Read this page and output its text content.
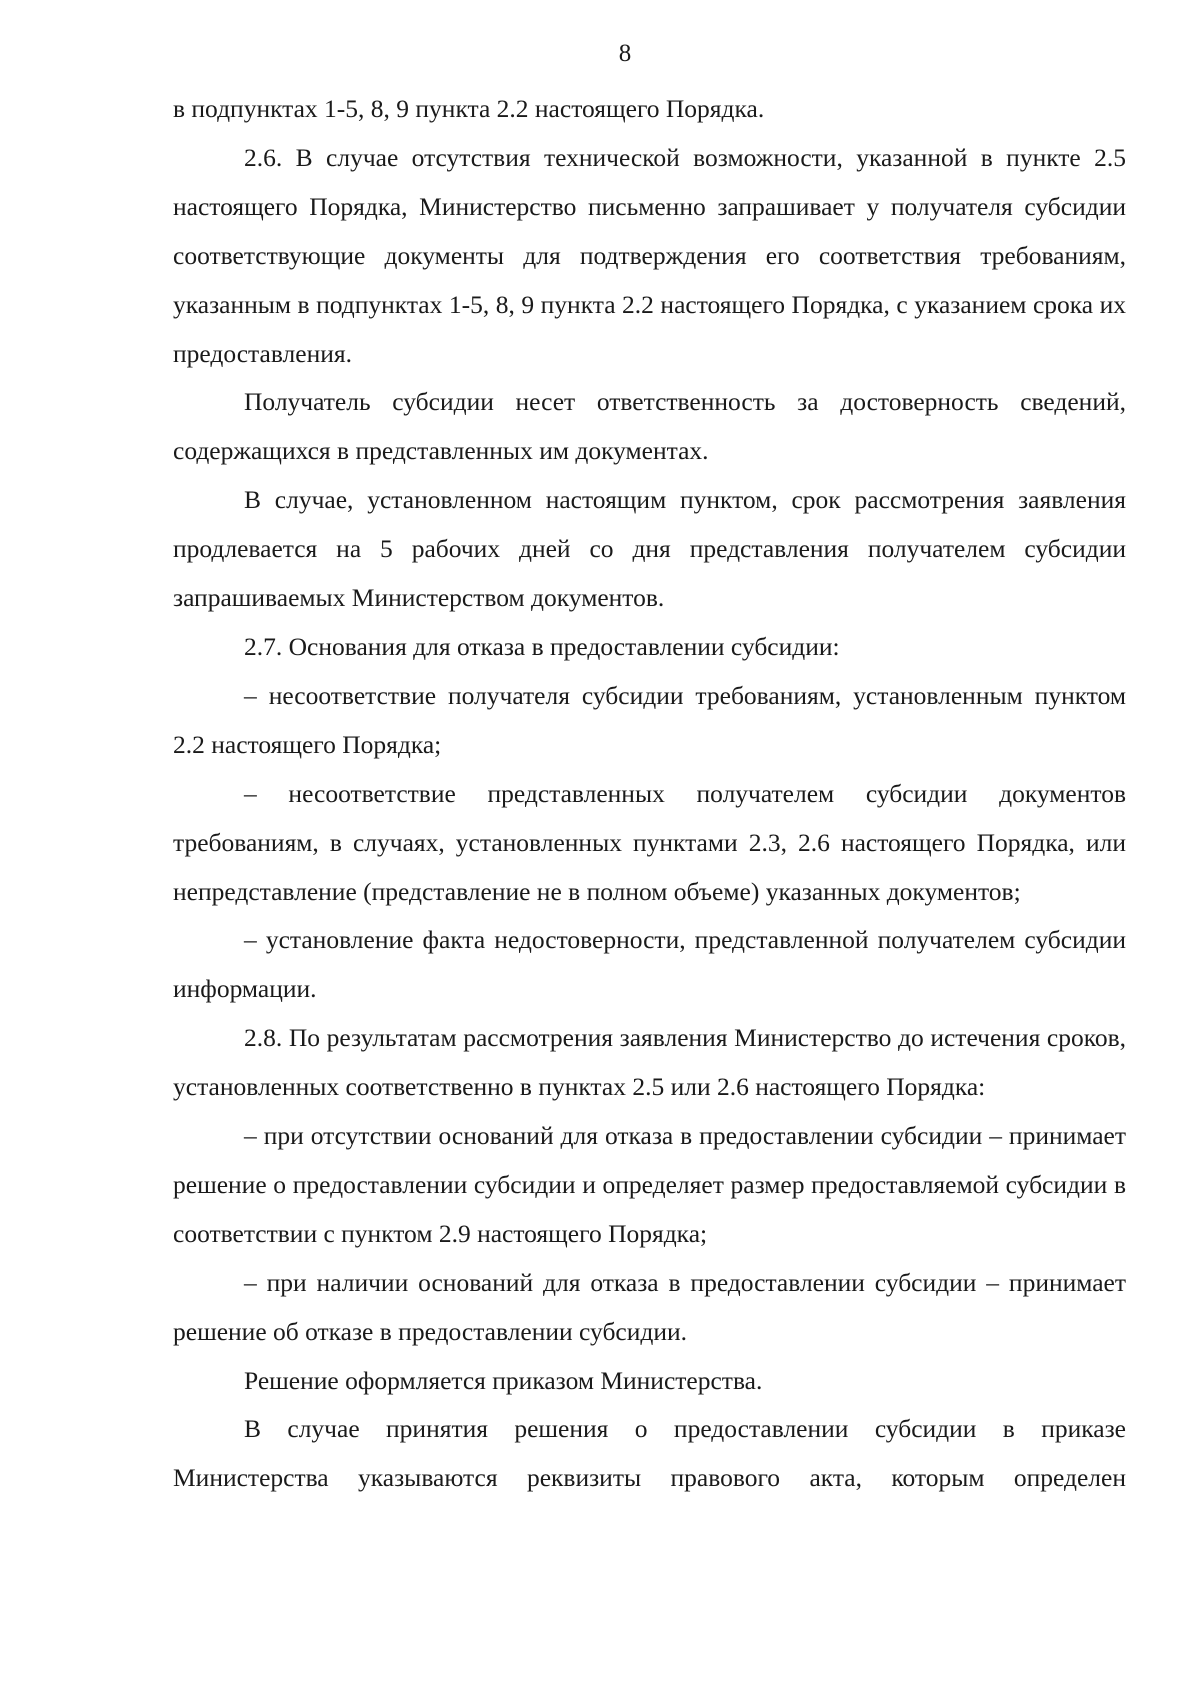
8

в подпунктах 1-5, 8, 9 пункта 2.2 настоящего Порядка.

2.6. В случае отсутствия технической возможности, указанной в пункте 2.5 настоящего Порядка, Министерство письменно запрашивает у получателя субсидии соответствующие документы для подтверждения его соответствия требованиям, указанным в подпунктах 1-5, 8, 9 пункта 2.2 настоящего Порядка, с указанием срока их предоставления.

Получатель субсидии несет ответственность за достоверность сведений, содержащихся в представленных им документах.

В случае, установленном настоящим пунктом, срок рассмотрения заявления продлевается на 5 рабочих дней со дня представления получателем субсидии запрашиваемых Министерством документов.

2.7. Основания для отказа в предоставлении субсидии:

– несоответствие получателя субсидии требованиям, установленным пунктом 2.2 настоящего Порядка;

– несоответствие представленных получателем субсидии документов требованиям, в случаях, установленных пунктами 2.3, 2.6 настоящего Порядка, или непредставление (представление не в полном объеме) указанных документов;

– установление факта недостоверности, представленной получателем субсидии информации.

2.8. По результатам рассмотрения заявления Министерство до истечения сроков, установленных соответственно в пунктах 2.5 или 2.6 настоящего Порядка:

– при отсутствии оснований для отказа в предоставлении субсидии – принимает решение о предоставлении субсидии и определяет размер предоставляемой субсидии в соответствии с пунктом 2.9 настоящего Порядка;

– при наличии оснований для отказа в предоставлении субсидии – принимает решение об отказе в предоставлении субсидии.

Решение оформляется приказом Министерства.

В случае принятия решения о предоставлении субсидии в приказе Министерства указываются реквизиты правового акта, которым определен
